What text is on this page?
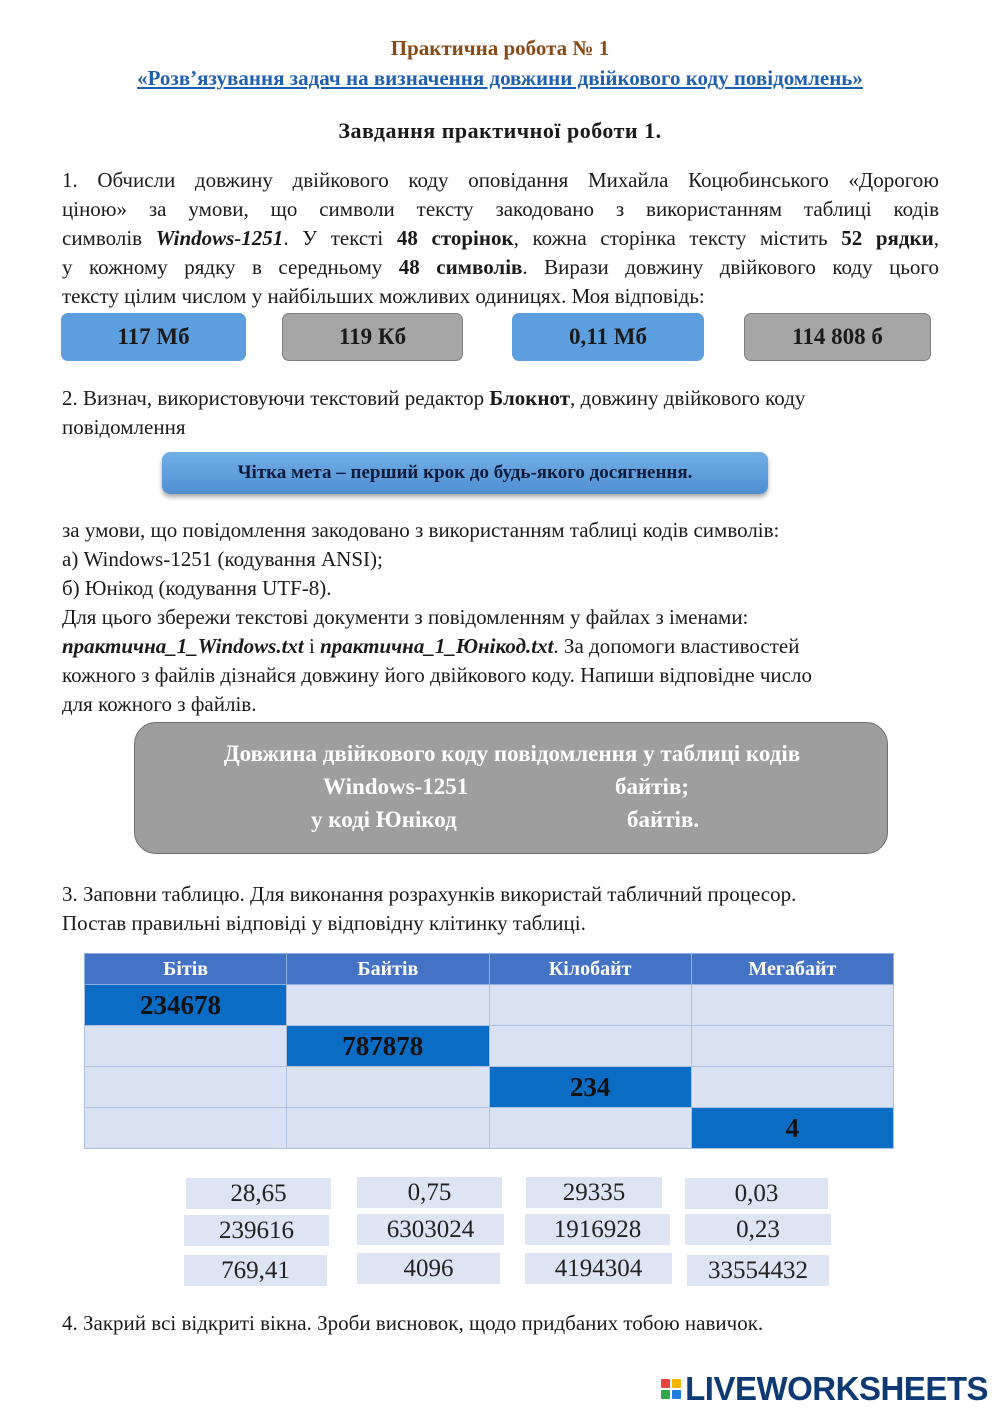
Практична робота № 1
«Розв’язування задач на визначення довжини двійкового коду повідомлень»
Завдання практичної роботи 1.
1. Обчисли довжину двійкового коду оповідання Михайла Коцюбинського «Дорогою
ціною» за умови, що символи тексту закодовано з використанням таблиці кодів
символів Windows-1251. У тексті 48 сторінок, кожна сторінка тексту містить 52 рядки,
у кожному рядку в середньому 48 символів. Вирази довжину двійкового коду цього
тексту цілим числом у найбільших можливих одиницях. Моя відповідь:
117 Мб	119 Кб	0,11 Мб	114 808 б
2. Визнач, використовуючи текстовий редактор Блокнот, довжину двійкового коду
повідомлення
Чітка мета – перший крок до будь-якого досягнення.
за умови, що повідомлення закодовано з використанням таблиці кодів символів:
а) Windows-1251 (кодування ANSI);
б) Юнікод (кодування UTF-8).
Для цього збережи текстові документи з повідомленням у файлах з іменами:
практична_1_Windows.txt і практична_1_Юнікод.txt. За допомоги властивостей
кожного з файлів дізнайся довжину його двійкового коду. Напиши відповідне число
для кожного з файлів.
Довжина двійкового коду повідомлення у таблиці кодів
Windows-1251	байтів;
у коді Юнікод	байтів.
3. Заповни таблицю. Для виконання розрахунків використай табличний процесор.
Постав правильні відповіді у відповідну клітинку таблиці.
Бітів	Байтів	Кілобайт	Мегабайт
234678			
	787878		
		234	
			4
28,65	0,75	29335	0,03
239616	6303024	1916928	0,23
769,41	4096	4194304	33554432
4. Закрий всі відкриті вікна. Зроби висновок, щодо придбаних тобою навичок.
LIVEWORKSHEETS
